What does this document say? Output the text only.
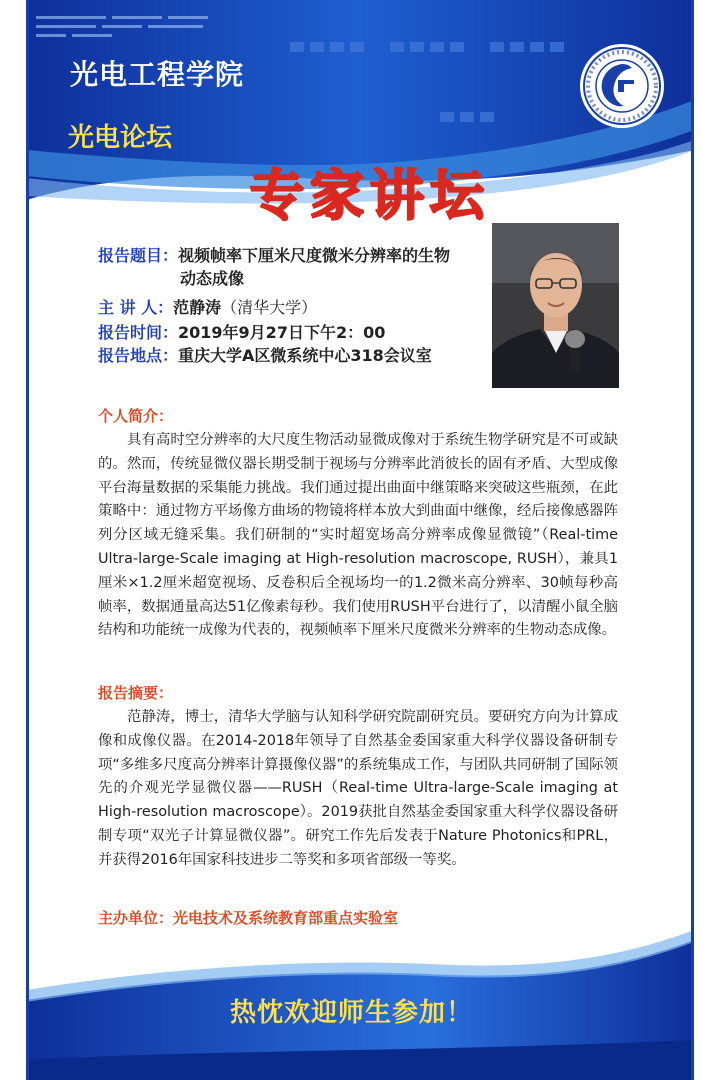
光电工程学院
光电论坛
专家讲坛
报告题目： 视频帧率下厘米尺度微米分辨率的生物
动态成像
主 讲 人： 范静涛 （清华大学）
报告时间： 2019年9月27日下午2：00
报告地点： 重庆大学A区微系统中心318会议室
个人简介：
具有高时空分辨率的大尺度生物活动显微成像对于系统生物学研究是不可或缺的。然而，传统显微仪器长期受制于视场与分辨率此消彼长的固有矛盾、大型成像平台海量数据的采集能力挑战。我们通过提出曲面中继策略来突破这些瓶颈，在此策略中：通过物方平场像方曲场的物镜将样本放大到曲面中继像，经后接像感器阵列分区域无缝采集。我们研制的“实时超宽场高分辨率成像显微镜”（Real-time Ultra-large-Scale imaging at High-resolution macroscope, RUSH），兼具1厘米×1.2厘米超宽视场、反卷积后全视场均一的1.2微米高分辨率、30帧每秒高帧率，数据通量高达51亿像素每秒。我们使用RUSH平台进行了，以清醒小鼠全脑结构和功能统一成像为代表的，视频帧率下厘米尺度微米分辨率的生物动态成像。
报告摘要：
范静涛，博士，清华大学脑与认知科学研究院副研究员。要研究方向为计算成像和成像仪器。在2014-2018年领导了自然基金委国家重大科学仪器设备研制专项“多维多尺度高分辨率计算摄像仪器”的系统集成工作，与团队共同研制了国际领先的介观光学显微仪器——RUSH（Real-time Ultra-large-Scale imaging at High-resolution macroscope）。2019获批自然基金委国家重大科学仪器设备研制专项“双光子计算显微仪器”。研究工作先后发表于Nature Photonics和PRL，并获得2016年国家科技进步二等奖和多项省部级一等奖。
主办单位：光电技术及系统教育部重点实验室
热忱欢迎师生参加！
